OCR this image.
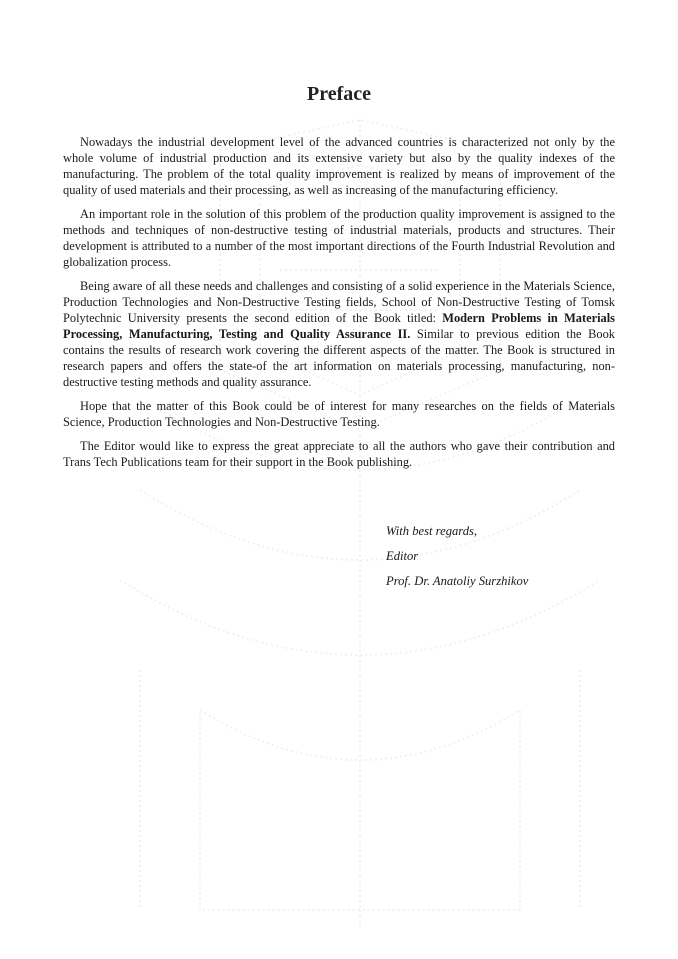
Preface

Nowadays the industrial development level of the advanced countries is characterized not only by the whole volume of industrial production and its extensive variety but also by the quality indexes of the manufacturing. The problem of the total quality improvement is realized by means of improvement of the quality of used materials and their processing, as well as increasing of the manufacturing efficiency.

An important role in the solution of this problem of the production quality improvement is assigned to the methods and techniques of non-destructive testing of industrial materials, products and structures. Their development is attributed to a number of the most important directions of the Fourth Industrial Revolution and globalization process.

Being aware of all these needs and challenges and consisting of a solid experience in the Materials Science, Production Technologies and Non-Destructive Testing fields, School of Non-Destructive Testing of Tomsk Polytechnic University presents the second edition of the Book titled: Modern Problems in Materials Processing, Manufacturing, Testing and Quality Assurance II. Similar to previous edition the Book contains the results of research work covering the different aspects of the matter. The Book is structured in research papers and offers the state-of the art information on materials processing, manufacturing, non-destructive testing methods and quality assurance.

Hope that the matter of this Book could be of interest for many researches on the fields of Materials Science, Production Technologies and Non-Destructive Testing.

The Editor would like to express the great appreciate to all the authors who gave their contribution and Trans Tech Publications team for their support in the Book publishing.

With best regards,
Editor
Prof. Dr. Anatoliy Surzhikov
